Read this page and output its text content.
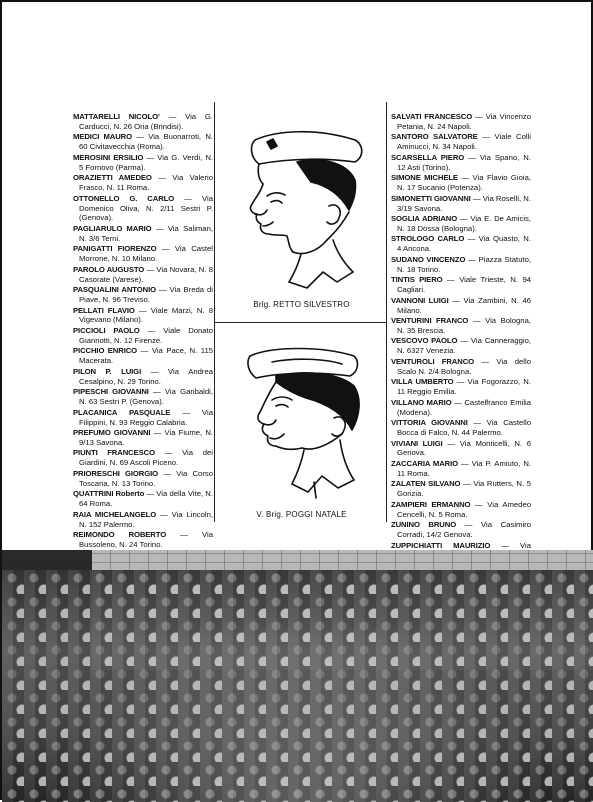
MATTARELLI NICOLO' — Via G. Carducci, N. 26 Oria (Brindisi).

MEDICI MAURO — Via Buonarroti, N. 60 Civitavecchia (Roma).

MEROSINI ERSILIO — Via G. Verdi, N. 5 Fornovo (Parma).

ORAZIETTI AMEDEO — Via Valerio Frasco, N. 11 Roma.

OTTONELLO G. CARLO — Via Domenico Oliva, N. 2/11 Sestri P. (Genova).

PAGLIARULO MARIO — Via Saliman, N. 3/6 Terni.

PANIGATTI FIORENZO — Via Castel Morrone, N. 10 Milano.

PAROLO AUGUSTO — Via Novara, N. 8 Casorate (Varese).

PASQUALINI ANTONIO — Via Breda di Piave, N. 96 Treviso.

PELLATI FLAVIO — Viale Marzi, N. 8 Vigevano (Milano).

PICCIOLI PAOLO — Viale Donato Giannotti, N. 12 Firenze.

PICCHIO ENRICO — Via Pace, N. 115 Macerata.

PILON P. LUIGI — Via Andrea Cesalpino, N. 29 Torino.

PIPESCHI GIOVANNI — Via Garibaldi, N. 63 Sestri P. (Genova).

PLACANICA PASQUALE — Via Filippini, N. 93 Reggio Calabria.

PREFUMO GIOVANNI — Via Fiume, N. 9/13 Savona.

PIUNTI FRANCESCO — Via dei Giardini, N. 69 Ascoli Piceno.

PRIORESCHI GIORGIO — Via Corso Toscana, N. 13 Torino.

QUATTRINI Roberto — Via della Vite, N. 64 Roma.

RAIA MICHELANGELO — Via Lincoln, N. 152 Palermo.

REIMONDO ROBERTO — Via Bussoleno, N. 24 Torino.

Brig. RETTO SILVESTRO
V. Brig. POGGI NATALE

SALVATI FRANCESCO — Via Vincenzo Petania, N. 24 Napoli.

SANTORO SALVATORE — Viale Colli Aminucci, N. 34 Napoli.

SCARSELLA PIERO — Via Spano, N. 12 Asti (Torino).

SIMONE MICHELE — Via Flavio Gioia, N. 17 Sucanio (Potenza).

SIMONETTI GIOVANNI — Via Roselli, N. 3/19 Savona.

SOGLIA ADRIANO — Via E. De Amicis, N. 18 Dossa (Bologna).

STROLOGO CARLO — Via Quasto, N. 4 Ancona.

SUDANO VINCENZO — Piazza Statuto, N. 18 Torino.

TINTIS PIERO — Viale Trieste, N. 94 Cagliari.

VANNONI LUIGI — Via Zambini, N. 46 Milano.

VENTURINI FRANCO — Via Bologna, N. 35 Brescia.

VESCOVO PAOLO — Via Canneraggio, N. 6327 Venezia.

VENTUROLI FRANCO — Via dello Scalo N. 2/4 Bologna.

VILLA UMBERTO — Via Fogorazzo, N. 11 Reggio Emilia.

VILLANO MARIO — Castelfranco Emilia (Modena).

VITTORIA GIOVANNI — Via Castello Bocca di Falco, N. 44 Palermo.

VIVIANI LUIGI — Via Monticelli, N. 6 Genova.

ZACCARIA MARIO — Via P. Amiuto, N. 11 Roma.

ZALATEN SILVANO — Via Rutters, N. 5 Gorizia.

ZAMPIERI ERMANNO — Via Amedeo Cencelli, N. 5 Roma.

ZUNINO BRUNO — Via Casimiro Corradi, 14/2 Genova.

ZUPPICHIATTI MAURIZIO — Via
